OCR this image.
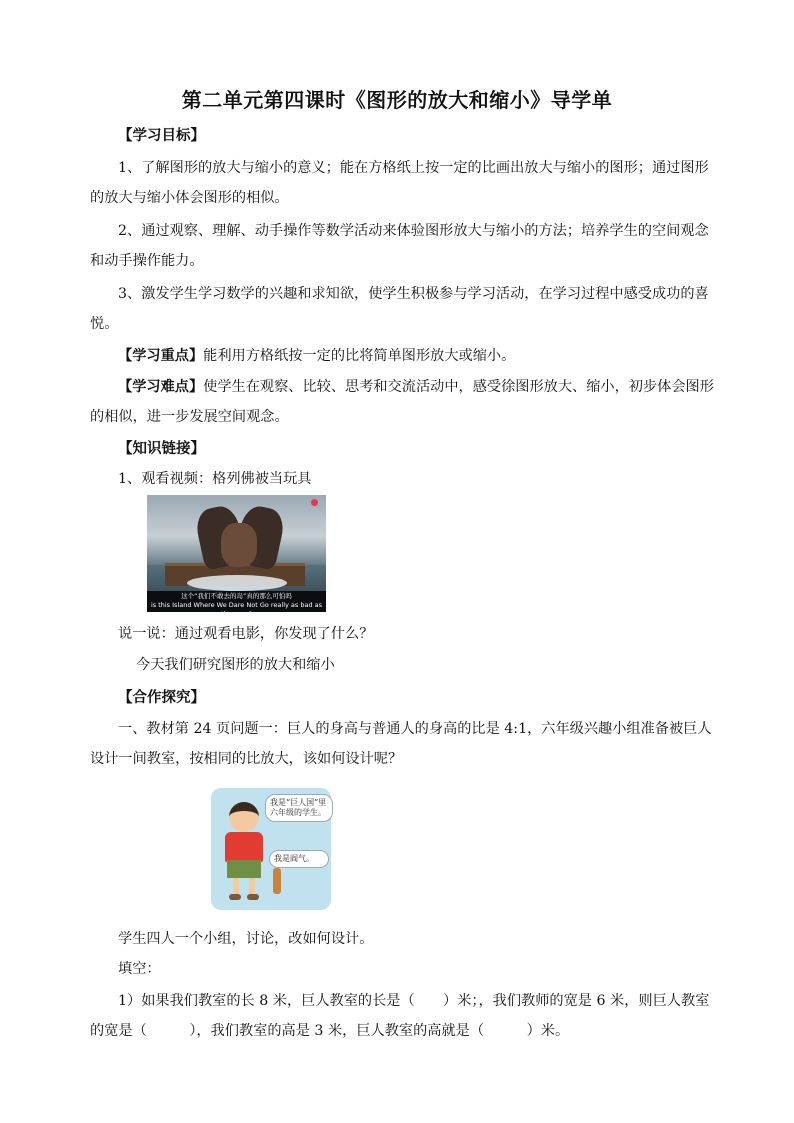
第二单元第四课时《图形的放大和缩小》导学单
【学习目标】
1、了解图形的放大与缩小的意义；能在方格纸上按一定的比画出放大与缩小的图形；通过图形
的放大与缩小体会图形的相似。
2、通过观察、理解、动手操作等数学活动来体验图形放大与缩小的方法；培养学生的空间观念
和动手操作能力。
3、激发学生学习数学的兴趣和求知欲，使学生积极参与学习活动，在学习过程中感受成功的喜
悦。
【学习重点】能利用方格纸按一定的比将简单图形放大或缩小。
【学习难点】使学生在观察、比较、思考和交流活动中，感受徐图形放大、缩小，初步体会图形
的相似，进一步发展空间观念。
【知识链接】
1、观看视频：格列佛被当玩具
这个“我们不敢去的岛”真的那么可怕吗
is this Island Where We Dare Not Go really as bad as they say?
说一说：通过观看电影，你发现了什么？
今天我们研究图形的放大和缩小
【合作探究】
一、教材第 24 页问题一：巨人的身高与普通人的身高的比是 4:1，六年级兴趣小组准备被巨人
设计一间教室，按相同的比放大，该如何设计呢？
我是“巨人国”里六年级的学生。
我是阎气。
学生四人一个小组，讨论，改如何设计。
填空：
1）如果我们教室的长 8 米，巨人教室的长是（　　）米；，我们教师的宽是 6 米，则巨人教室
的宽是（　　　），我们教室的高是 3 米，巨人教室的高就是（　　　）米。
